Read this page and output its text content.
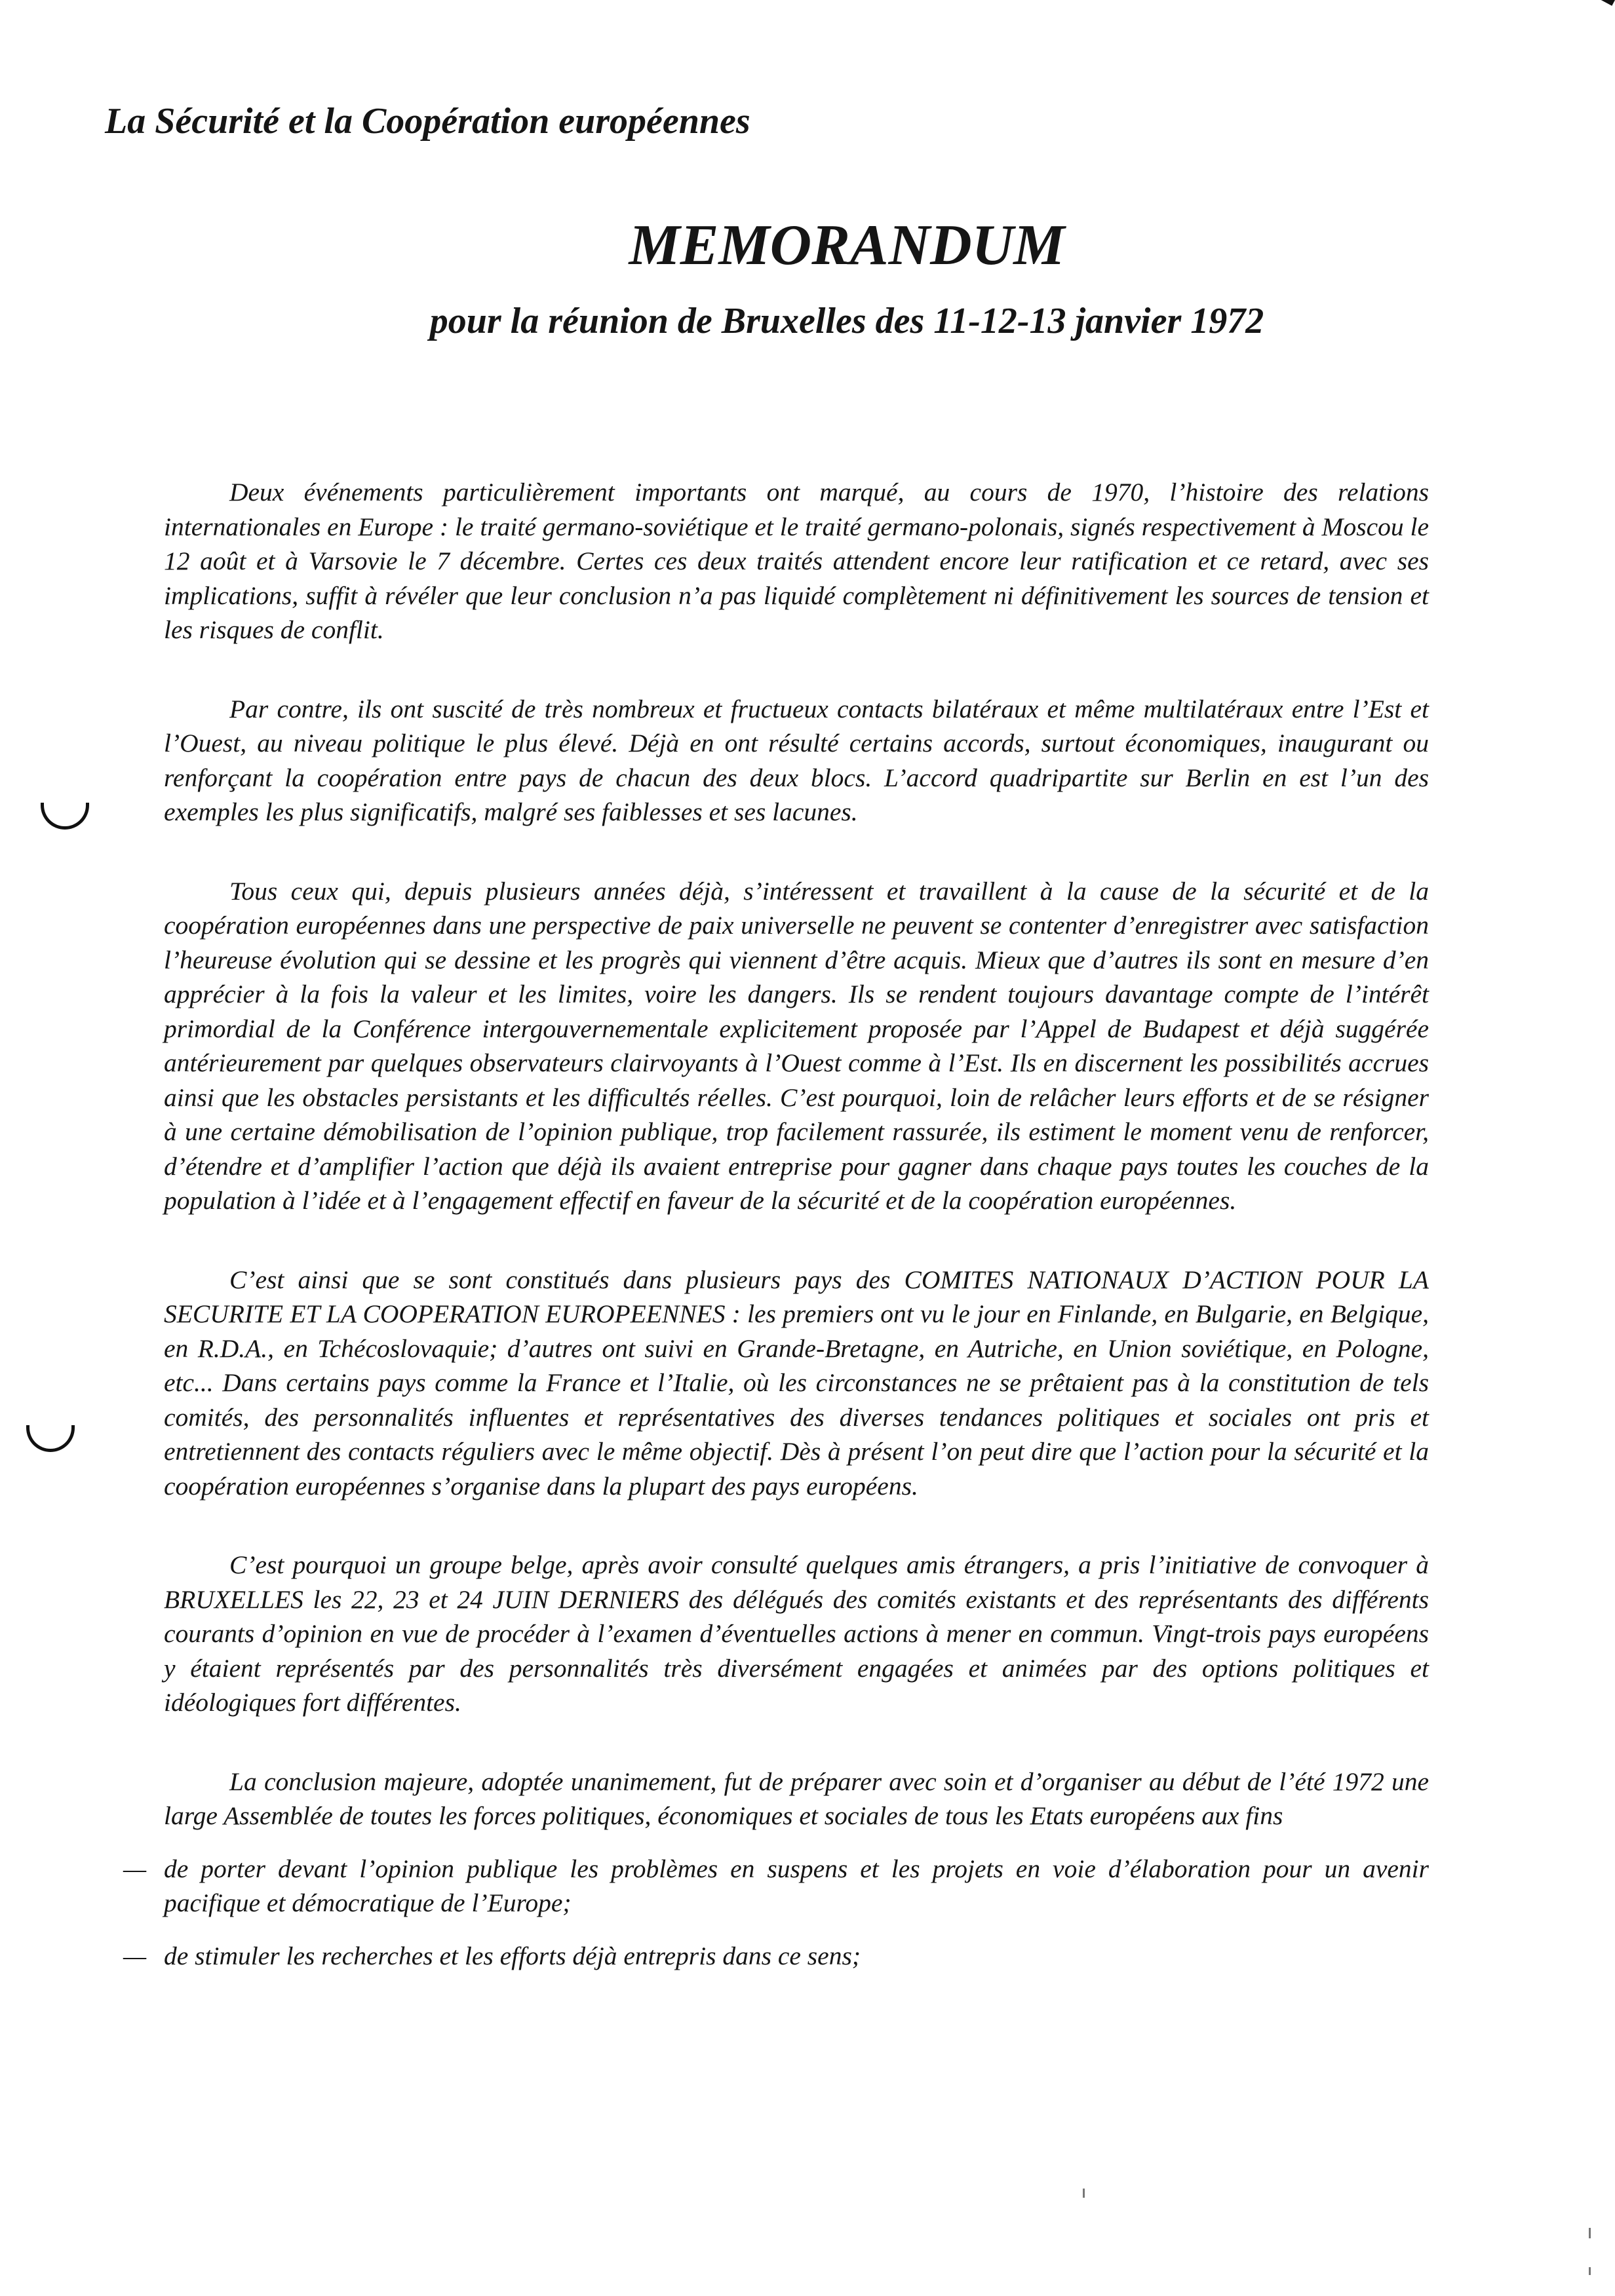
La Sécurité et la Coopération européennes
MEMORANDUM
pour la réunion de Bruxelles des 11-12-13 janvier 1972

Deux événements particulièrement importants ont marqué, au cours de 1970, l’histoire des relations internationales en Europe : le traité germano-soviétique et le traité germano-polonais, signés respectivement à Moscou le 12 août et à Varsovie le 7 décembre. Certes ces deux traités attendent encore leur ratification et ce retard, avec ses implications, suffit à révéler que leur conclusion n’a pas liquidé complètement ni définitivement les sources de tension et les risques de conflit.

Par contre, ils ont suscité de très nombreux et fructueux contacts bilatéraux et même multilatéraux entre l’Est et l’Ouest, au niveau politique le plus élevé. Déjà en ont résulté certains accords, surtout économiques, inaugurant ou renforçant la coopération entre pays de chacun des deux blocs. L’accord quadripartite sur Berlin en est l’un des exemples les plus significatifs, malgré ses faiblesses et ses lacunes.

Tous ceux qui, depuis plusieurs années déjà, s’intéressent et travaillent à la cause de la sécurité et de la coopération européennes dans une perspective de paix universelle ne peuvent se contenter d’enregistrer avec satisfaction l’heureuse évolution qui se dessine et les progrès qui viennent d’être acquis. Mieux que d’autres ils sont en mesure d’en apprécier à la fois la valeur et les limites, voire les dangers. Ils se rendent toujours davantage compte de l’intérêt primordial de la Conférence intergouvernementale explicitement proposée par l’Appel de Budapest et déjà suggérée antérieurement par quelques observateurs clairvoyants à l’Ouest comme à l’Est. Ils en discernent les possibilités accrues ainsi que les obstacles persistants et les difficultés réelles. C’est pourquoi, loin de relâcher leurs efforts et de se résigner à une certaine démobilisation de l’opinion publique, trop facilement rassurée, ils estiment le moment venu de renforcer, d’étendre et d’amplifier l’action que déjà ils avaient entreprise pour gagner dans chaque pays toutes les couches de la population à l’idée et à l’engagement effectif en faveur de la sécurité et de la coopération européennes.

C’est ainsi que se sont constitués dans plusieurs pays des COMITES NATIONAUX D’ACTION POUR LA SECURITE ET LA COOPERATION EUROPEENNES : les premiers ont vu le jour en Finlande, en Bulgarie, en Belgique, en R.D.A., en Tchécoslovaquie; d’autres ont suivi en Grande-Bretagne, en Autriche, en Union soviétique, en Pologne, etc... Dans certains pays comme la France et l’Italie, où les circonstances ne se prêtaient pas à la constitution de tels comités, des personnalités influentes et représentatives des diverses tendances politiques et sociales ont pris et entretiennent des contacts réguliers avec le même objectif. Dès à présent l’on peut dire que l’action pour la sécurité et la coopération européennes s’organise dans la plupart des pays européens.

C’est pourquoi un groupe belge, après avoir consulté quelques amis étrangers, a pris l’initiative de convoquer à BRUXELLES les 22, 23 et 24 JUIN DERNIERS des délégués des comités existants et des représentants des différents courants d’opinion en vue de procéder à l’examen d’éventuelles actions à mener en commun. Vingt-trois pays européens y étaient représentés par des personnalités très diversément engagées et animées par des options politiques et idéologiques fort différentes.

La conclusion majeure, adoptée unanimement, fut de préparer avec soin et d’organiser au début de l’été 1972 une large Assemblée de toutes les forces politiques, économiques et sociales de tous les Etats européens aux fins

— de porter devant l’opinion publique les problèmes en suspens et les projets en voie d’élaboration pour un avenir pacifique et démocratique de l’Europe;
— de stimuler les recherches et les efforts déjà entrepris dans ce sens;
